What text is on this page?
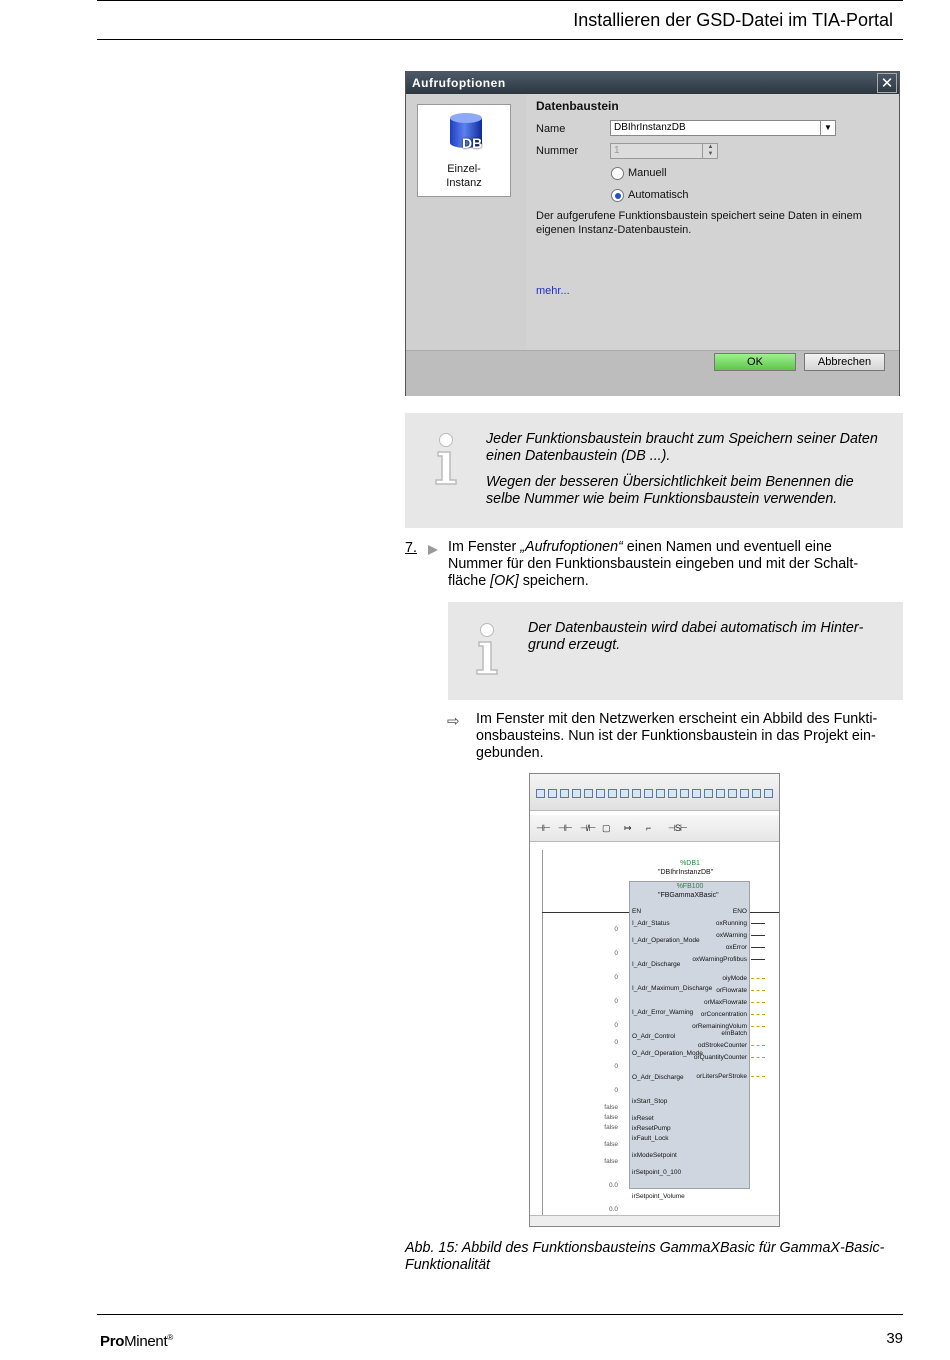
Installieren der GSD-Datei im TIA-Portal
Aufrufoptionen	✕
DB
Einzel-
Instanz
Datenbaustein
Name	DBIhrInstanzDB	▼
Nummer	1	▲
▼
Manuell
Automatisch
Der aufgerufene Funktionsbaustein speichert seine Daten in einem eigenen Instanz-Datenbaustein.
mehr...
OK	Abbrechen

Jeder Funktionsbaustein braucht zum Speichern seiner Daten einen Datenbaustein (DB ...).

Wegen der besseren Übersichtlichkeit beim Benennen die selbe Nummer wie beim Funktionsbaustein verwenden.

7. Im Fenster „Aufrufoptionen“ einen Namen und eventuell eine Nummer für den Funktionsbaustein eingeben und mit der Schaltfläche [OK] speichern.

Der Datenbaustein wird dabei automatisch im Hintergrund erzeugt.

⇨ Im Fenster mit den Netzwerken erscheint ein Abbild des Funktionsbausteins. Nun ist der Funktionsbaustein in das Projekt eingebunden.
⊣⊢ ⊣⊢ ⊣/⊢ ▢ ↦ ⌐ ⊣S⊢
%DB1
"DBIhrInstanzDB"
%FB100
"FBGammaXBasic"
EN	ENO
I_Adr_Status
I_Adr_Operation_Mode
I_Adr_Discharge
I_Adr_Maximum_Discharge
I_Adr_Error_Warning
O_Adr_Control
O_Adr_Operation_Mode
O_Adr_Discharge
ixStart_Stop
ixReset
ixResetPump
ixFault_Lock
ixModeSetpoint
irSetpoint_0_100
irSetpoint_Volume
oxRunning
oxWarning
oxError
oxWarningProfibus
oiyMode
orFlowrate
orMaxFlowrate
orConcentration
orRemainingVolumeInBatch
odStrokeCounter
orQuantityCounter
orLitersPerStroke
0
0
0
0
0
0
0
0
false
false
false
false
false
0.0
0.0
Abb. 15: Abbild des Funktionsbausteins GammaXBasic für GammaX-Basic-Funktionalität
ProMinent®	39
